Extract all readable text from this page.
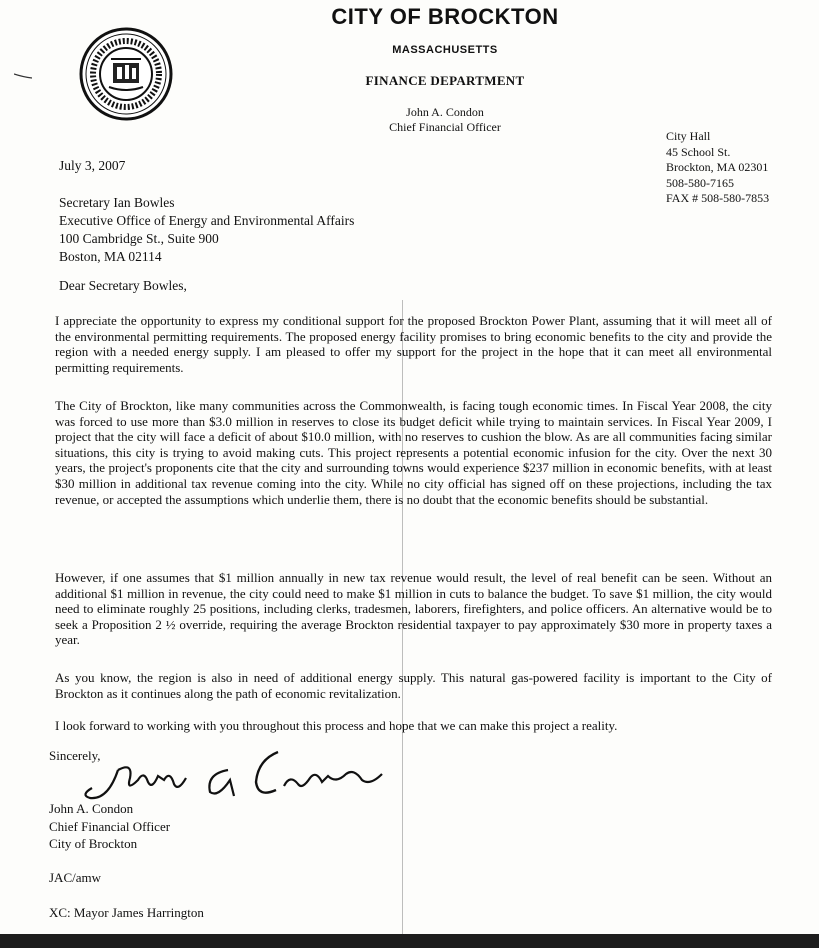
CITY OF BROCKTON
MASSACHUSETTS
FINANCE DEPARTMENT
John A. Condon
Chief Financial Officer
City Hall
45 School St.
Brockton, MA 02301
508-580-7165
FAX # 508-580-7853
July 3, 2007
Secretary Ian Bowles
Executive Office of Energy and Environmental Affairs
100 Cambridge St., Suite 900
Boston, MA 02114
Dear Secretary Bowles,

I appreciate the opportunity to express my conditional support for the proposed Brockton Power Plant, assuming that it will meet all of the environmental permitting requirements. The proposed energy facility promises to bring economic benefits to the city and provide the region with a needed energy supply. I am pleased to offer my support for the project in the hope that it can meet all environmental permitting requirements.

The City of Brockton, like many communities across the Commonwealth, is facing tough economic times. In Fiscal Year 2008, the city was forced to use more than $3.0 million in reserves to close its budget deficit while trying to maintain services. In Fiscal Year 2009, I project that the city will face a deficit of about $10.0 million, with no reserves to cushion the blow. As are all communities facing similar situations, this city is trying to avoid making cuts. This project represents a potential economic infusion for the city. Over the next 30 years, the project's proponents cite that the city and surrounding towns would experience $237 million in economic benefits, with at least $30 million in additional tax revenue coming into the city. While no city official has signed off on these projections, including the tax revenue, or accepted the assumptions which underlie them, there is no doubt that the economic benefits should be substantial.

However, if one assumes that $1 million annually in new tax revenue would result, the level of real benefit can be seen. Without an additional $1 million in revenue, the city could need to make $1 million in cuts to balance the budget. To save $1 million, the city would need to eliminate roughly 25 positions, including clerks, tradesmen, laborers, firefighters, and police officers. An alternative would be to seek a Proposition 2 ½ override, requiring the average Brockton residential taxpayer to pay approximately $30 more in property taxes a year.

As you know, the region is also in need of additional energy supply. This natural gas-powered facility is important to the City of Brockton as it continues along the path of economic revitalization.

I look forward to working with you throughout this process and hope that we can make this project a reality.

Sincerely,
John A. Condon
Chief Financial Officer
City of Brockton
JAC/amw
XC: Mayor James Harrington
